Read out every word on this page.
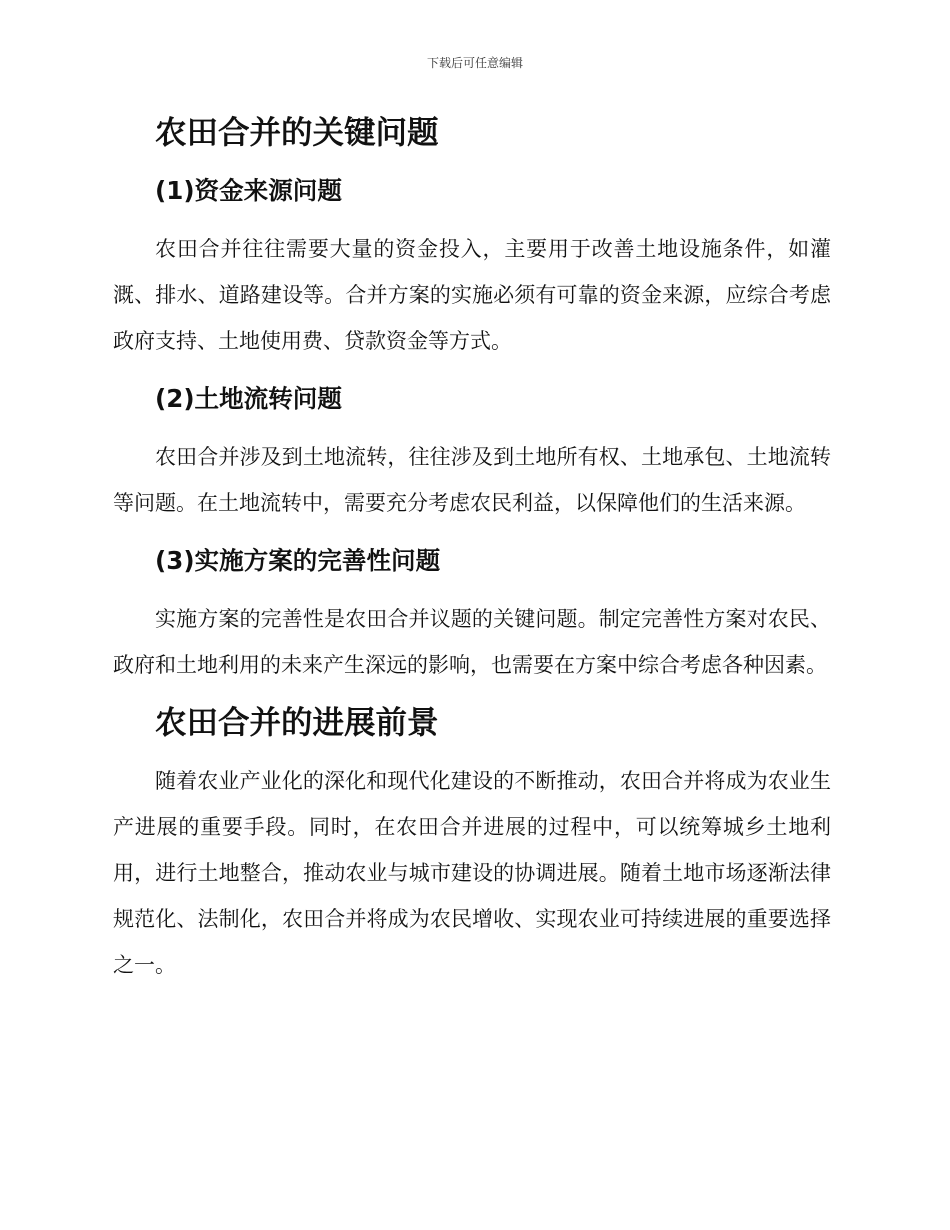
下载后可任意编辑
农田合并的关键问题
(1)资金来源问题

农田合并往往需要大量的资金投入，主要用于改善土地设施条件，如灌溉、排水、道路建设等。合并方案的实施必须有可靠的资金来源，应综合考虑政府支持、土地使用费、贷款资金等方式。

(2)土地流转问题

农田合并涉及到土地流转，往往涉及到土地所有权、土地承包、土地流转等问题。在土地流转中，需要充分考虑农民利益，以保障他们的生活来源。

(3)实施方案的完善性问题

实施方案的完善性是农田合并议题的关键问题。制定完善性方案对农民、政府和土地利用的未来产生深远的影响，也需要在方案中综合考虑各种因素。

农田合并的进展前景

随着农业产业化的深化和现代化建设的不断推动，农田合并将成为农业生产进展的重要手段。同时，在农田合并进展的过程中，可以统筹城乡土地利用，进行土地整合，推动农业与城市建设的协调进展。随着土地市场逐渐法律规范化、法制化，农田合并将成为农民增收、实现农业可持续进展的重要选择之一。
